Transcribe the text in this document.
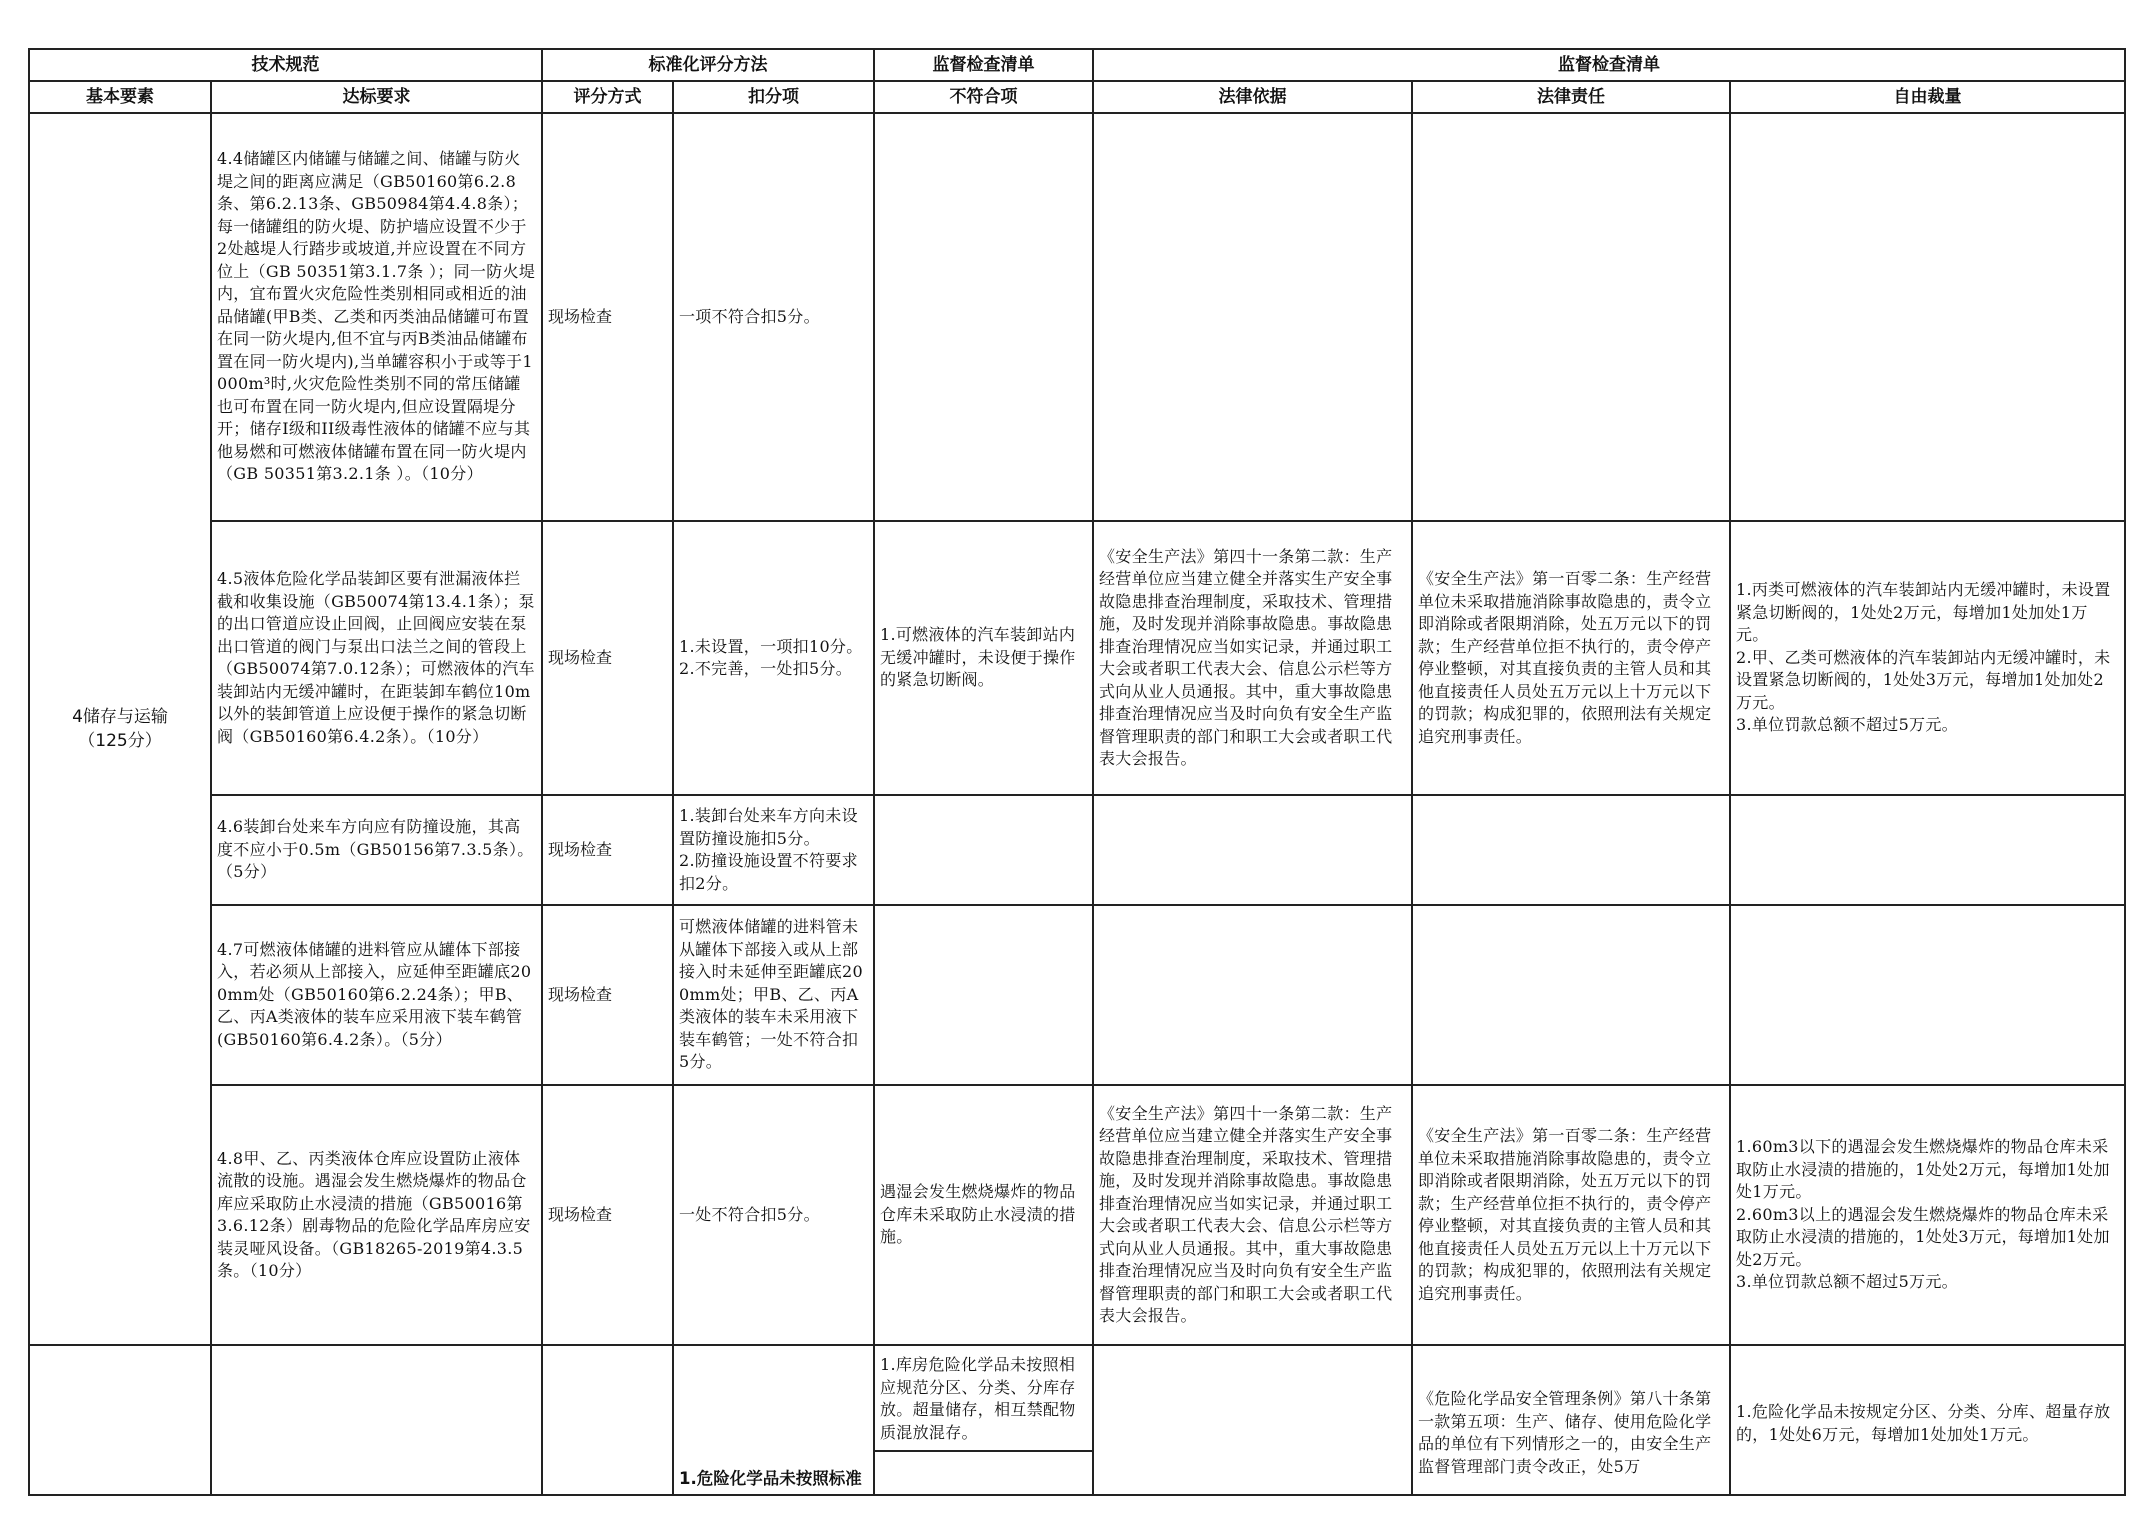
技术规范		标准化评分方法		监督检查清单	监督检查清单		
基本要素	达标要求	评分方式	扣分项	不符合项	法律依据	法律责任	自由裁量

4储存与运输
（125分）	4.4储罐区内储罐与储罐之间、储罐与防火堤之间的距离应满足（GB50160第6.2.8条、第6.2.13条、GB50984第4.4.8条）；每一储罐组的防火堤、防护墙应设置不少于2处越堤人行踏步或坡道,并应设置在不同方位上（GB 50351第3.1.7条 ）；同一防火堤内，宜布置火灾危险性类别相同或相近的油品储罐(甲B类、乙类和丙类油品储罐可布置在同一防火堤内,但不宜与丙B类油品储罐布置在同一防火堤内),当单罐容积小于或等于1000m³时,火灾危险性类别不同的常压储罐也可布置在同一防火堤内,但应设置隔堤分开；储存I级和II级毒性液体的储罐不应与其他易燃和可燃液体储罐布置在同一防火堤内（GB 50351第3.2.1条 ）。（10分）	现场检查	一项不符合扣5分。				
	4.5液体危险化学品装卸区要有泄漏液体拦截和收集设施（GB50074第13.4.1条）；泵的出口管道应设止回阀，止回阀应安装在泵出口管道的阀门与泵出口法兰之间的管段上（GB50074第7.0.12条）；可燃液体的汽车装卸站内无缓冲罐时，在距装卸车鹤位10m以外的装卸管道上应设便于操作的紧急切断阀（GB50160第6.4.2条）。（10分）	现场检查	1.未设置，一项扣10分。
2.不完善，一处扣5分。	1.可燃液体的汽车装卸站内无缓冲罐时，未设便于操作的紧急切断阀。	《安全生产法》第四十一条第二款：生产经营单位应当建立健全并落实生产安全事故隐患排查治理制度，采取技术、管理措施，及时发现并消除事故隐患。事故隐患排查治理情况应当如实记录，并通过职工大会或者职工代表大会、信息公示栏等方式向从业人员通报。其中，重大事故隐患排查治理情况应当及时向负有安全生产监督管理职责的部门和职工大会或者职工代表大会报告。	《安全生产法》第一百零二条：生产经营单位未采取措施消除事故隐患的，责令立即消除或者限期消除，处五万元以下的罚款；生产经营单位拒不执行的，责令停产停业整顿，对其直接负责的主管人员和其他直接责任人员处五万元以上十万元以下的罚款；构成犯罪的，依照刑法有关规定追究刑事责任。	1.丙类可燃液体的汽车装卸站内无缓冲罐时，未设置紧急切断阀的，1处处2万元，每增加1处加处1万元。
2.甲、乙类可燃液体的汽车装卸站内无缓冲罐时，未设置紧急切断阀的，1处处3万元，每增加1处加处2万元。
3.单位罚款总额不超过5万元。
	4.6装卸台处来车方向应有防撞设施，其高度不应小于0.5m（GB50156第7.3.5条）。（5分）	现场检查	1.装卸台处来车方向未设置防撞设施扣5分。
2.防撞设施设置不符要求扣2分。				
	4.7可燃液体储罐的进料管应从罐体下部接入，若必须从上部接入，应延伸至距罐底200mm处（GB50160第6.2.24条）；甲B、乙、丙A类液体的装车应采用液下装车鹤管(GB50160第6.4.2条）。（5分）	现场检查	可燃液体储罐的进料管未从罐体下部接入或从上部接入时未延伸至距罐底200mm处；甲B、乙、丙A类液体的装车未采用液下装车鹤管；一处不符合扣5分。				
	4.8甲、乙、丙类液体仓库应设置防止液体流散的设施。遇湿会发生燃烧爆炸的物品仓库应采取防止水浸渍的措施（GB50016第3.6.12条）剧毒物品的危险化学品库房应安装灵哑风设备。（GB18265-2019第4.3.5条。（10分）	现场检查	一处不符合扣5分。	遇湿会发生燃烧爆炸的物品仓库未采取防止水浸渍的措施。	《安全生产法》第四十一条第二款：生产经营单位应当建立健全并落实生产安全事故隐患排查治理制度，采取技术、管理措施，及时发现并消除事故隐患。事故隐患排查治理情况应当如实记录，并通过职工大会或者职工代表大会、信息公示栏等方式向从业人员通报。其中，重大事故隐患排查治理情况应当及时向负有安全生产监督管理职责的部门和职工大会或者职工代表大会报告。	《安全生产法》第一百零二条：生产经营单位未采取措施消除事故隐患的，责令立即消除或者限期消除，处五万元以下的罚款；生产经营单位拒不执行的，责令停产停业整顿，对其直接负责的主管人员和其他直接责任人员处五万元以上十万元以下的罚款；构成犯罪的，依照刑法有关规定追究刑事责任。	1.60m3以下的遇湿会发生燃烧爆炸的物品仓库未采取防止水浸渍的措施的，1处处2万元，每增加1处加处1万元。
2.60m3以上的遇湿会发生燃烧爆炸的物品仓库未采取防止水浸渍的措施的，1处处3万元，每增加1处加处2万元。
3.单位罚款总额不超过5万元。
			1.危险化学品未按照标准	1.库房危险化学品未按照相应规范分区、分类、分库存放。超量储存，相互禁配物质混放混存。		《危险化学品安全管理条例》第八十条第一款第五项：生产、储存、使用危险化学品的单位有下列情形之一的，由安全生产监督管理部门责令改正，处5万	1.危险化学品未按规定分区、分类、分库、超量存放的，1处处6万元，每增加1处加处1万元。
